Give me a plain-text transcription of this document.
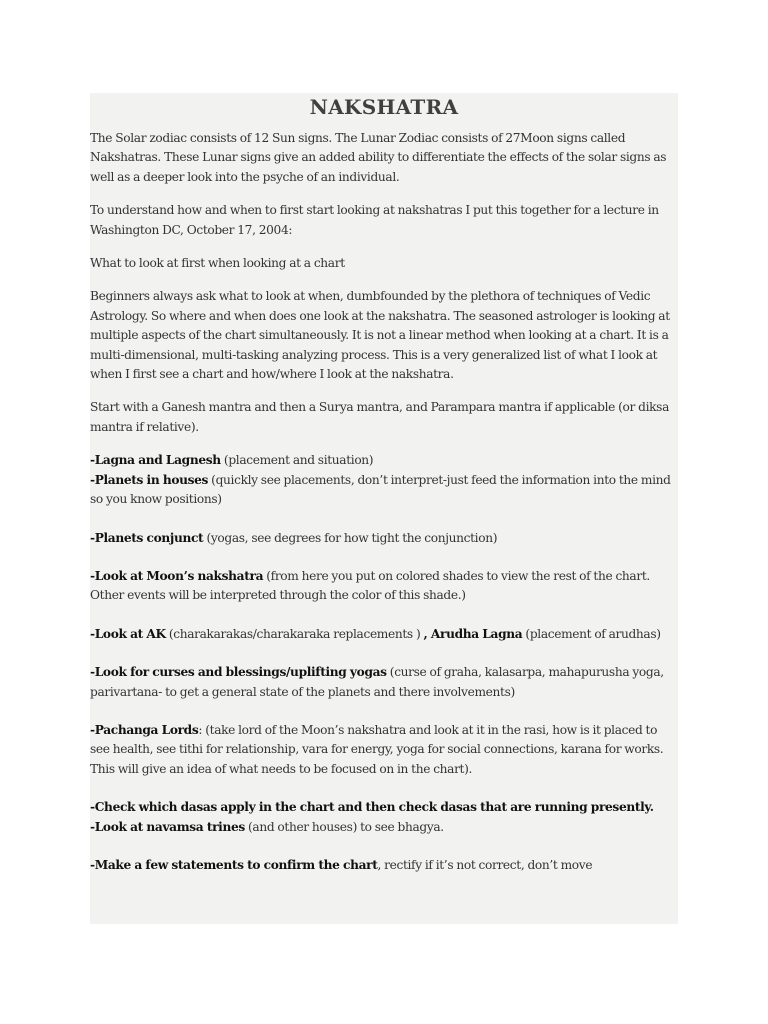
NAKSHATRA

The Solar zodiac consists of 12 Sun signs. The Lunar Zodiac consists of 27Moon signs called Nakshatras. These Lunar signs give an added ability to differentiate the effects of the solar signs as well as a deeper look into the psyche of an individual.

To understand how and when to first start looking at nakshatras I put this together for a lecture in Washington DC, October 17, 2004:

What to look at first when looking at a chart

Beginners always ask what to look at when, dumbfounded by the plethora of techniques of Vedic Astrology. So where and when does one look at the nakshatra. The seasoned astrologer is looking at multiple aspects of the chart simultaneously. It is not a linear method when looking at a chart. It is a multi-dimensional, multi-tasking analyzing process. This is a very generalized list of what I look at when I first see a chart and how/where I look at the nakshatra.

Start with a Ganesh mantra and then a Surya mantra, and Parampara mantra if applicable (or diksa mantra if relative).

-Lagna and Lagnesh (placement and situation)

-Planets in houses (quickly see placements, don’t interpret-just feed the information into the mind so you know positions)

-Planets conjunct (yogas, see degrees for how tight the conjunction)

-Look at Moon’s nakshatra (from here you put on colored shades to view the rest of the chart. Other events will be interpreted through the color of this shade.)

-Look at AK (charakarakas/charakaraka replacements ) , Arudha Lagna (placement of arudhas)

-Look for curses and blessings/uplifting yogas (curse of graha, kalasarpa, mahapurusha yoga, parivartana- to get a general state of the planets and there involvements)

-Pachanga Lords: (take lord of the Moon’s nakshatra and look at it in the rasi, how is it placed to see health, see tithi for relationship, vara for energy, yoga for social connections, karana for works. This will give an idea of what needs to be focused on in the chart).

-Check which dasas apply in the chart and then check dasas that are running presently.

-Look at navamsa trines (and other houses) to see bhagya.

-Make a few statements to confirm the chart, rectify if it’s not correct, don’t move
